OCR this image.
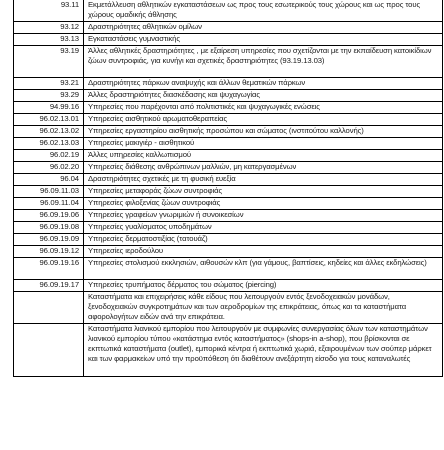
93.11	Εκμετάλλευση αθλητικών εγκαταστάσεων ως προς τους εσωτερικούς τους χώρους και ως προς τους χώρους ομαδικής άθλησης
93.12	Δραστηριότητες αθλητικών ομίλων
93.13	Εγκαταστάσεις γυμναστικής
93.19	Άλλες αθλητικές δραστηριότητες , με εξαίρεση υπηρεσίες που σχετίζονται με την εκπαίδευση κατοικίδιων ζώων συντροφιάς, για κυνήγι και σχετικές δραστηριότητες (93.19.13.03)
93.21	Δραστηριότητες πάρκων αναψυχής και άλλων θεματικών πάρκων
93.29	Άλλες δραστηριότητες διασκέδασης και ψυχαγωγίας
94.99.16	Υπηρεσίες που παρέχονται από πολιτιστικές και ψυχαγωγικές ενώσεις
96.02.13.01	Υπηρεσίες αισθητικού αρωματοθεραπείας
96.02.13.02	Υπηρεσίες εργαστηρίου αισθητικής προσώπου και σώματος (ινστιτούτου καλλονής)
96.02.13.03	Υπηρεσίες μακιγιέρ - αισθητικού
96.02.19	Άλλες υπηρεσίες καλλωπισμού
96.02.20	Υπηρεσίες διάθεσης ανθρώπινων μαλλιών, μη κατεργασμένων
96.04	Δραστηριότητες σχετικές με τη φυσική ευεξία
96.09.11.03	Υπηρεσίες μεταφοράς ζώων συντροφιάς
96.09.11.04	Υπηρεσίες φιλοξενίας ζώων συντροφιάς
96.09.19.06	Υπηρεσίες γραφείων γνωριμιών ή συνοικεσίων
96.09.19.08	Υπηρεσίες γυαλίσματος υποδημάτων
96.09.19.09	Υπηρεσίες δερματοστιξίας (τατουάζ)
96.09.19.12	Υπηρεσίες ιεροδούλου
96.09.19.16	Υπηρεσίες στολισμού εκκλησιών, αιθουσών κλπ (για γάμους, βαπτίσεις, κηδείες και άλλες εκδηλώσεις)
96.09.19.17	Υπηρεσίες τρυπήματος δέρματος του σώματος (piercing)
	Καταστήματα και επιχειρήσεις κάθε είδους που λειτουργούν εντός ξενοδοχειακών μονάδων, ξενοδοχειακών συγκροτημάτων και των αεροδρομίων της επικράτειας, όπως και τα καταστήματα αφορολογήτων ειδών ανά την επικράτεια.
	Καταστήματα λιανικού εμπορίου που λειτουργούν με συμφωνίες συνεργασίας όλων των καταστημάτων λιανικού εμπορίου τύπου «κατάστημα εντός καταστήματος» (shops-in a-shop), που βρίσκονται σε εκπτωτικά καταστήματα (outlet), εμπορικά κέντρα ή εκπτωτικά χωριά, εξαιρουμένων των σούπερ μάρκετ και των φαρμακείων υπό την προϋπόθεση ότι διαθέτουν ανεξάρτητη είσοδο για τους καταναλωτές
